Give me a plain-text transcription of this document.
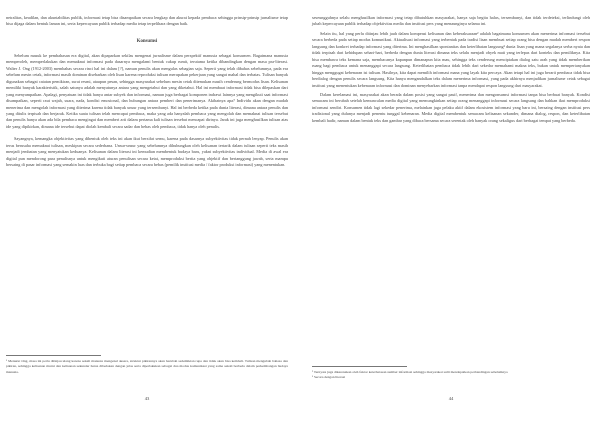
netralitas, keadilan, dan akuntabilitas publik, informasi tetap bisa disampaikan secara lengkap dan akurat kepada pembaca sehingga prinsip-prinsip jurnalisme tetap bisa dijaga dalam bentuk laman ini, serta kepercayaan publik terhadap media tetap terpelihara dengan baik.

Konsumsi

Sebelum masuk ke pembahasan era digital, akan dipaparkan sekilas mengenai jurnalisme dalam perspektif manusia sebagai konsumen. Bagaimana manusia memperoleh, memperlakukan dan memaknai informasi pada dasarnya mengalami bentuk cukup rumit, terutama ketika dibandingkan dengan masa pra-literasi. Walter J. Ong (1912-2003) membahas secara rinci hal ini dalam [?], namun penulis akan mengulas sebagian saja. Seperti yang telah dibahas sebelumnya, pada era sebelum mesin cetak, informasi masih dominan disebarkan oleh lisan karena reproduksi tulisan merupakan pekerjaan yang sangat mahal dan terbatas. Tulisan banyak digunakan sebagai catatan pemikiran, surat resmi, ataupun pesan, sehingga masyarakat sebelum mesin cetak ditemukan masih cenderung bermodus lisan. Kelisanan memiliki banyak karakteristik, salah satunya adalah menyatunya antara yang mengetahui dan yang diketahui. Hal ini membuat informasi tidak bisa dilepaskan dari yang menyampaikan. Apalagi, penyatuan ini tidak hanya antar subyek dan informasi, namun juga berbagai komponen indrawi lainnya yang mengikuti saat informasi disampaikan, seperti raut wajah, suara, nada, kondisi emosional, dan hubungan antara pemberi dan penerimanya. Akibatnya apa? Individu akan dengan mudah menerima dan mengolah informasi yang diterima karena tidak banyak unsur yang tersembunyi. Hal ini berbeda ketika pada dunia literasi, dimana antara penulis dan yang ditulis terpisah dan berjarak. Ketika suatu tulisan telah mencapai pembaca, maka yang ada hanyalah pembaca yang mengolah dan memaknai tulisan tersebut dan penulis hanya akan ada bila pembaca mengingat dan memberi arti dalam pertama kali tulisan tersebut mencapai dirinya. Jarak ini juga menghasilkan tulisan atas ide yang dipikirkan, dimana ide tersebut dapat diolah kembali secara sadar dan bebas oleh pembaca, tidak hanya oleh penulis.

Sayangnya, kemangka objektivitas yang dibentuk oleh teks ini akan ikut bersifat semu, karena pada dasarnya subyektivitas tidak pernah lenyap. Penulis akan terus berusaha memaknai tulisan, meskipun secara sederhana. Unsur-unsur yang sebelumnya dihubungkan oleh kelisanan tertarik dalam tulisan seperti teks masih menjadi jembatan yang menyatukan keduanya. Kelisanan dalam literasi ini kemudian membentuk budaya baru, yakni subyektivitas individual. Media di awal era digital pun mendorong para penulisnya untuk mengikuti aturan penulisan secara ketat, memproduksi berita yang objektif dan bertanggung jawab, serta mampu bersaing di pasar informasi yang semakin luas dan terbuka bagi setiap pembaca secara bebas (pemilik institusi media / faktor produksi informasi) yang menentukan.

¹ Menurut Ong, masa ini perlu ditinjau ulang karena sekali manusia mengenal aksara, struktur pikirannya akan berubah sedemikian rupa dan tidak akan bisa kembali. Tulisan mengubah bahasa dan pikiran, sehingga kelisanan murni dan kelisanan sekunder harus dibedakan dengan jelas serta diperlakukan sebagai dua modus komunikasi yang sama sekali berbeda dalam perkembangan budaya manusia.

43

seseungguhnya selalu menghasilkan informasi yang tetap dibutuhkan masyarakat, hanya saja begitu halus, tersembunyi, dan tidak terdeteksi, terlindungi oleh jubah kepercayaan publik terhadap objektivitas media dan institusi pers yang menaunginya selama ini.

Selain itu, hal yang perlu ditinjau lebih jauh dalam kompeasi kelisanan dan keberaksaraan² adalah bagaimana konsumen akan menerima informasi tersebut secara berbeda pada setiap modus komunikasi. Aktualisasi informasi yang terbentuk pada tradisi lisan membuat setiap orang bisa dengan mudah memberi respon langsung dan konkret terhadap informasi yang diterima. Ini menghasilkan spontanitas dan keterlibatan langsung³ dunia lisan yang mana segalanya serba nyata dan tidak terpisah dari kehidupan sehari-hari, berbeda dengan dunia literasi dimana teks selalu menjadi obyek mati yang terlepas dari konteks dan pemiliknya. Kita bisa membawa teks kemana saja, membacanya kapanpun dimanapun kita mau, sehingga teks cenderung menciptakan dialog satu arah yang tidak memberikan ruang bagi pembaca untuk menanggapi secara langsung. Keterlibatan pembaca tidak lebih dari sekedar memahami makna teks, bukan untuk mempertanyakan hingga menggugat kebenaran isi tulisan. Hasilnya, kita dapat memilih informasi mana yang layak kita percaya. Akan tetapi hal ini juga berarti pembaca tidak bisa berdialog dengan penulis secara langsung. Kita hanya mengandalkan teks dalam menerima informasi, yang pada akhirnya menjadikan jurnalisme cetak sebagai institusi yang menentukan kebenaran informasi dan dominan menyebarkan informasi tanpa mendapat respon langsung dari masyarakat.

Dalam kerelamasi ini, masyarakat akan berada dalam posisi yang sangat pasif, menerima dan mengonsumsi informasi tanpa bisa berbuat banyak. Kondisi semacam ini berubah setelah kemunculan media digital yang memungkinkan setiap orang menanggapi informasi secara langsung dan bahkan ikut memproduksi informasi sendiri. Konsumen tidak lagi sekedar penerima, melainkan juga pelaku aktif dalam ekosistem informasi yang baru ini, bersaing dengan institusi pers tradisional yang dulunya menjadi penentu tunggal kebenaran. Media digital membentuk semacam kelisanan sekunder, dimana dialog, respon, dan keterlibatan kembali hadir, namun dalam bentuk teks dan gambar yang dibaca bersama secara serentak oleh banyak orang sekaligus dari berbagai tempat yang berbeda.

² Ternyata juga dikarenakan oleh faktor keterbatasan sumber informasi sehingga masyarakat sulit mendapatkan perbandingan sebelumnya

³ Secara dengan literasi

44
